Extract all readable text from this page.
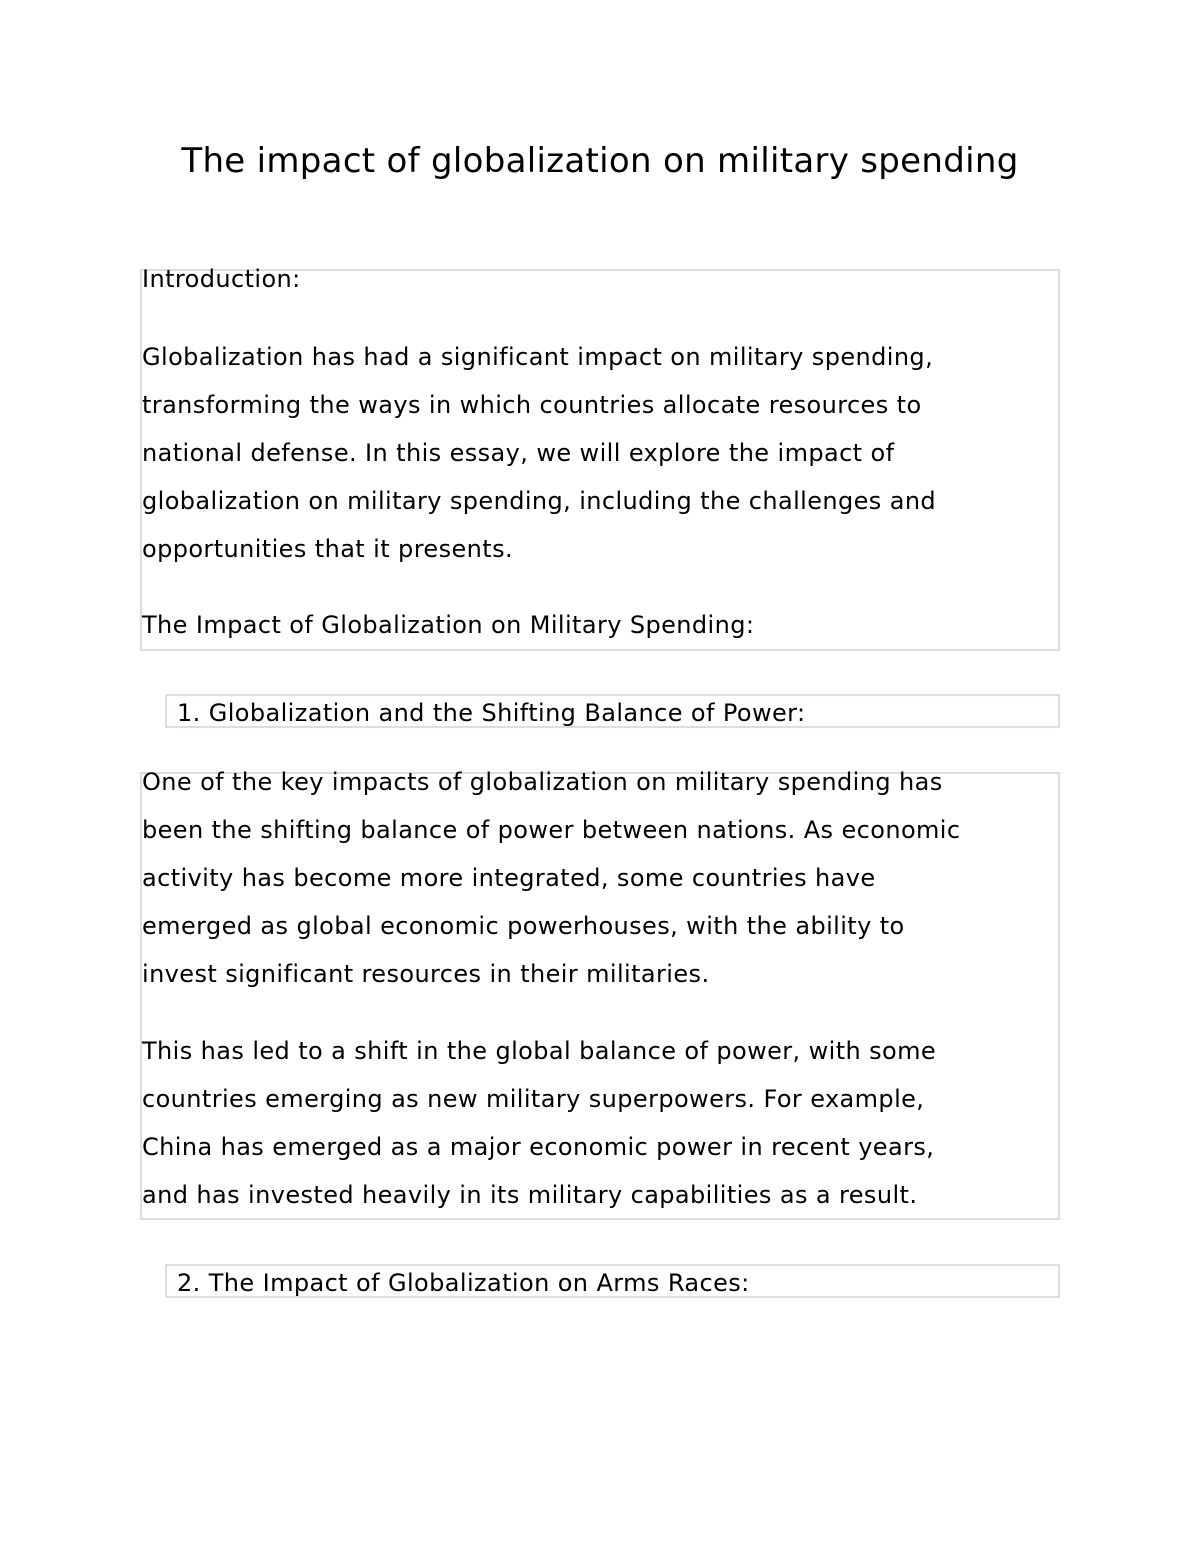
The impact of globalization on military spending
Introduction:
Globalization has had a significant impact on military spending,
transforming the ways in which countries allocate resources to
national defense. In this essay, we will explore the impact of
globalization on military spending, including the challenges and
opportunities that it presents.
The Impact of Globalization on Military Spending:
1. Globalization and the Shifting Balance of Power:
One of the key impacts of globalization on military spending has
been the shifting balance of power between nations. As economic
activity has become more integrated, some countries have
emerged as global economic powerhouses, with the ability to
invest significant resources in their militaries.
This has led to a shift in the global balance of power, with some
countries emerging as new military superpowers. For example,
China has emerged as a major economic power in recent years,
and has invested heavily in its military capabilities as a result.
2. The Impact of Globalization on Arms Races:
